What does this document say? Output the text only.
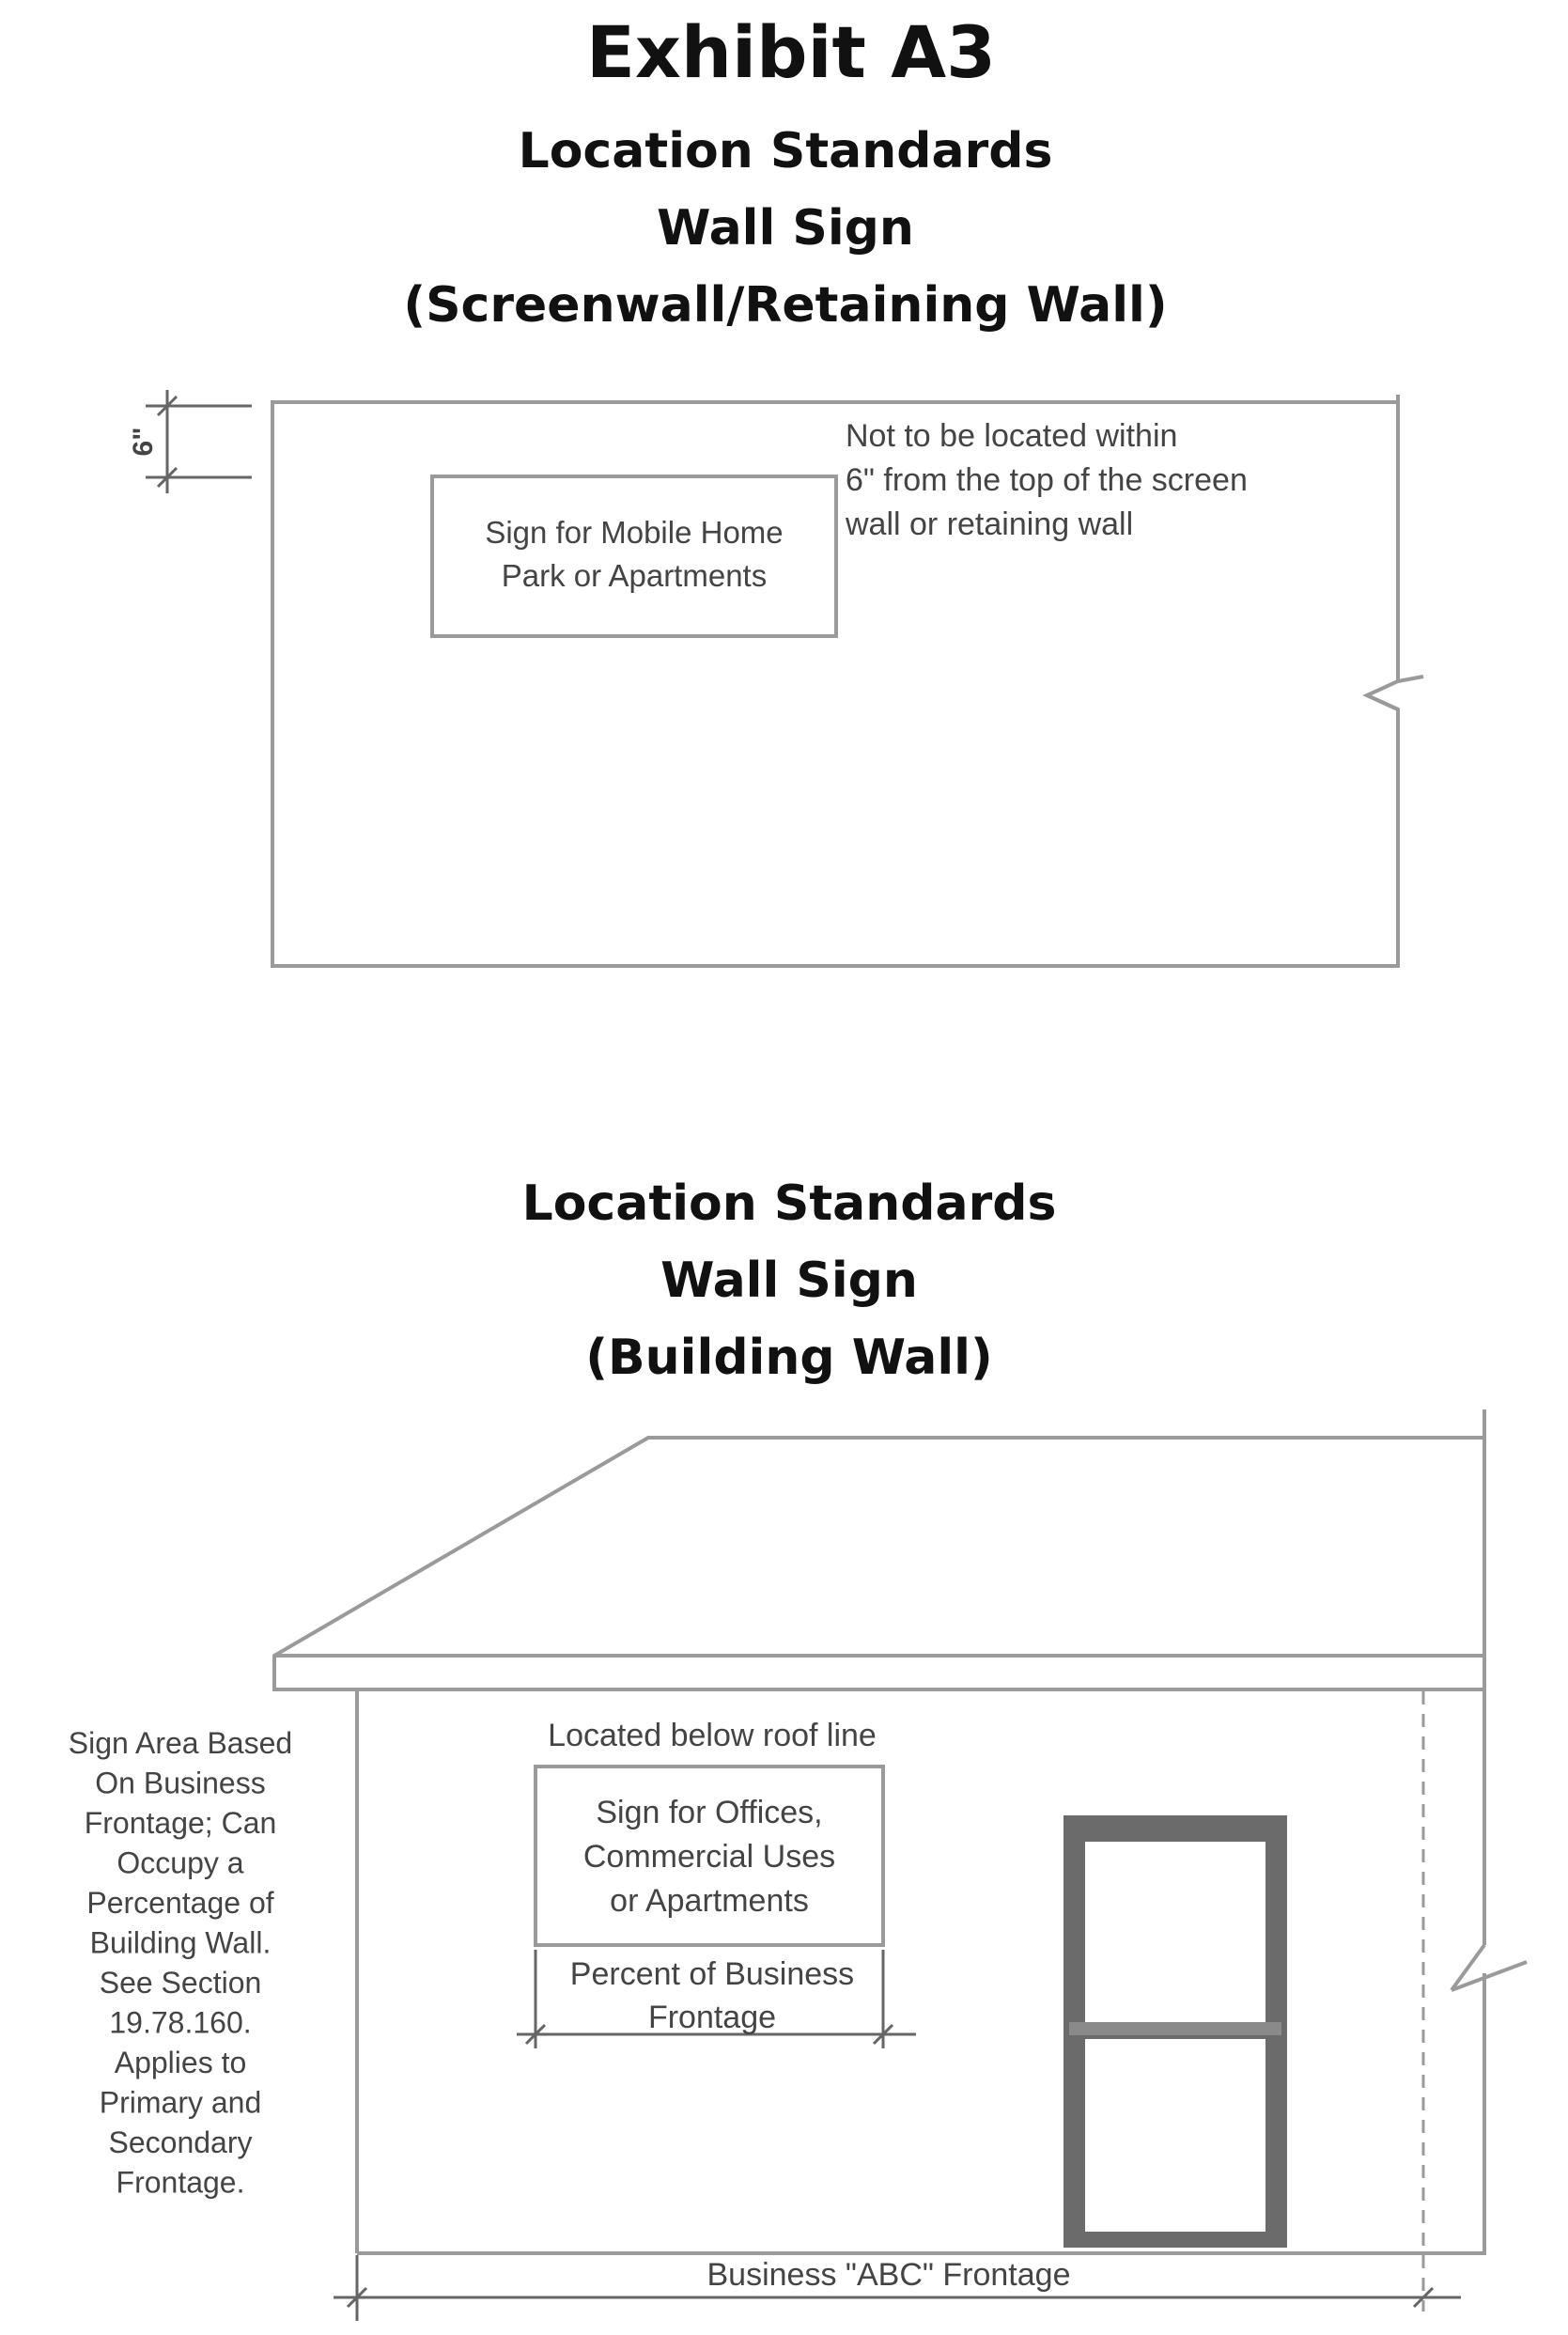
Exhibit A3
Location Standards
Wall Sign
(Screenwall/Retaining Wall)
6"
Sign for Mobile Home
Park or Apartments
Not to be located within
6" from the top of the screen
wall or retaining wall
Location Standards
Wall Sign
(Building Wall)
Located below roof line
Sign for Offices,
Commercial Uses
or Apartments
Percent of Business
Frontage
Business "ABC" Frontage
Sign Area Based
On Business
Frontage; Can
Occupy a
Percentage of
Building Wall.
See Section
19.78.160.
Applies to
Primary and
Secondary
Frontage.
